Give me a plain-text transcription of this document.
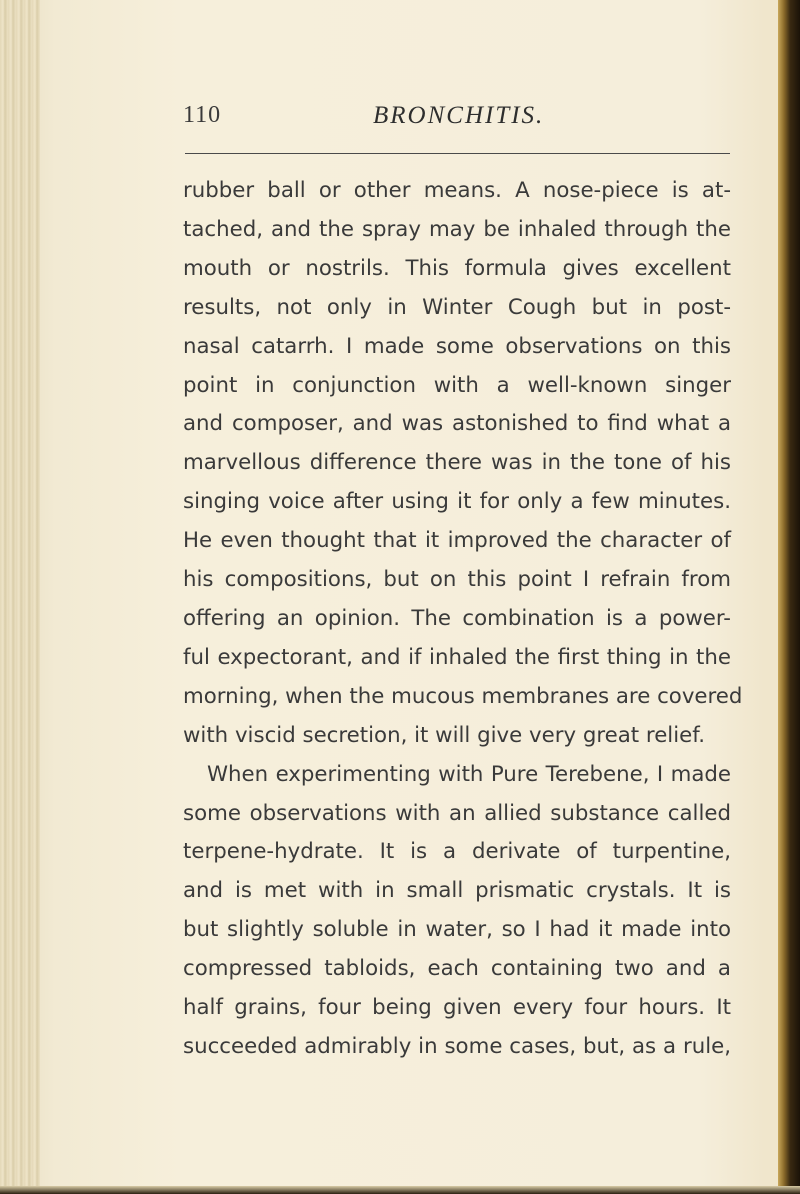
110	BRONCHITIS.
rubber ball or other means. A nose-piece is at-
tached, and the spray may be inhaled through the
mouth or nostrils. This formula gives excellent
results, not only in Winter Cough but in post-
nasal catarrh. I made some observations on this
point in conjunction with a well-known singer
and composer, and was astonished to find what a
marvellous difference there was in the tone of his
singing voice after using it for only a few minutes.
He even thought that it improved the character of
his compositions, but on this point I refrain from
offering an opinion. The combination is a power-
ful expectorant, and if inhaled the first thing in the
morning, when the mucous membranes are covered
with viscid secretion, it will give very great relief.
When experimenting with Pure Terebene, I made
some observations with an allied substance called
terpene-hydrate. It is a derivate of turpentine,
and is met with in small prismatic crystals. It is
but slightly soluble in water, so I had it made into
compressed tabloids, each containing two and a
half grains, four being given every four hours. It
succeeded admirably in some cases, but, as a rule,
